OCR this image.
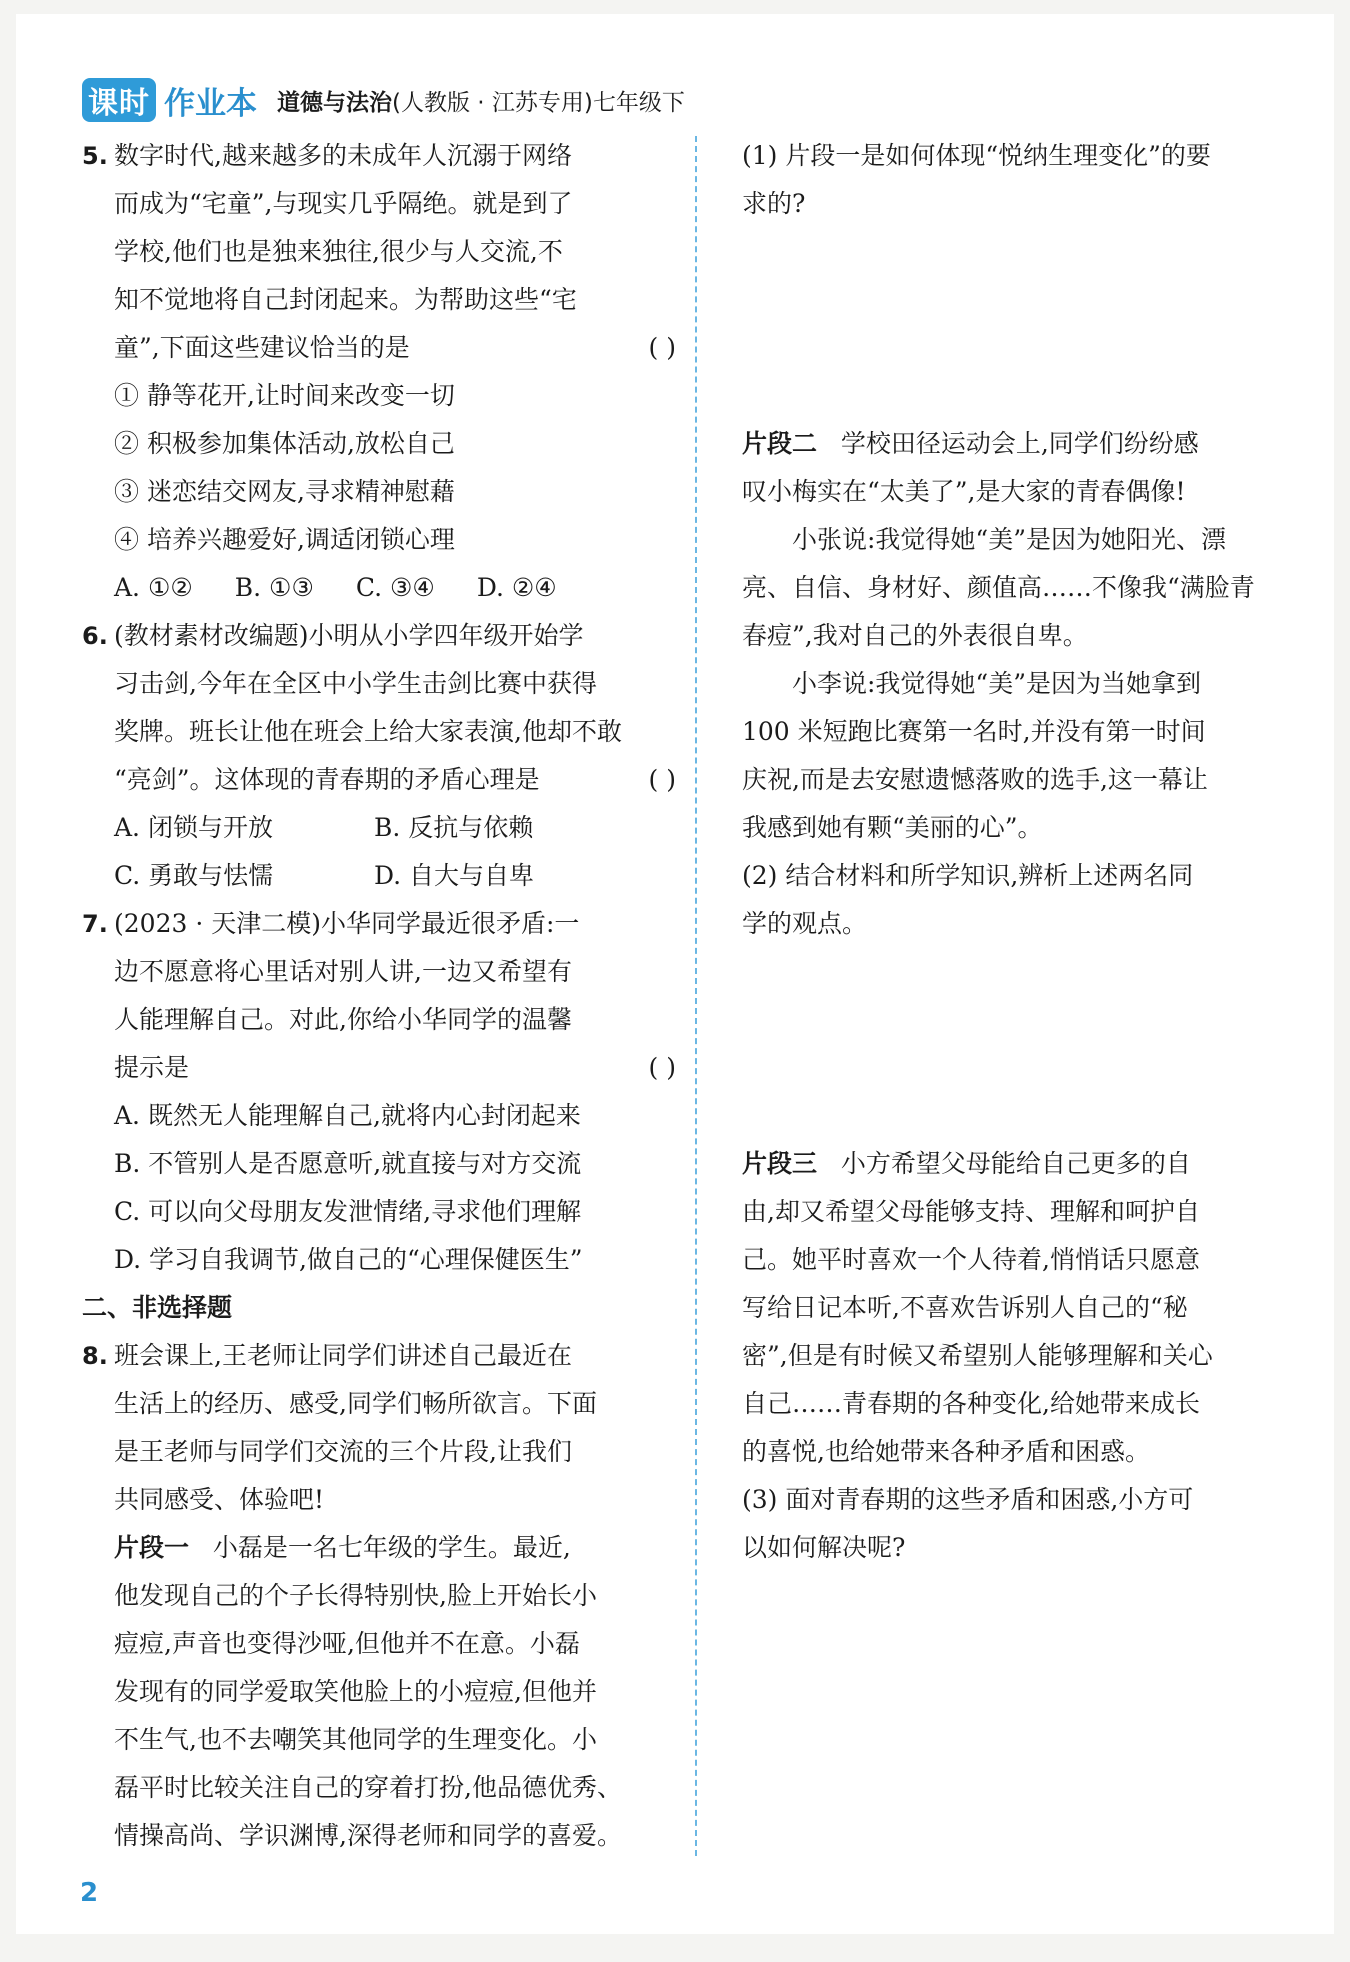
课时 作业本 道德与法治(人教版 · 江苏专用)七年级下
5. 数字时代,越来越多的未成年人沉溺于网络

而成为“宅童”,与现实几乎隔绝。就是到了

学校,他们也是独来独往,很少与人交流,不

知不觉地将自己封闭起来。为帮助这些“宅

童”,下面这些建议恰当的是	( )

① 静等花开,让时间来改变一切

② 积极参加集体活动,放松自己

③ 迷恋结交网友,寻求精神慰藉

④ 培养兴趣爱好,调适闭锁心理

A. ①② B. ①③ C. ③④ D. ②④
6. (教材素材改编题)小明从小学四年级开始学

习击剑,今年在全区中小学生击剑比赛中获得

奖牌。班长让他在班会上给大家表演,他却不敢

“亮剑”。这体现的青春期的矛盾心理是	( )

A. 闭锁与开放	B. 反抗与依赖
C. 勇敢与怯懦	D. 自大与自卑
7. (2023 · 天津二模)小华同学最近很矛盾:一

边不愿意将心里话对别人讲,一边又希望有

人能理解自己。对此,你给小华同学的温馨

提示是	( )

A. 既然无人能理解自己,就将内心封闭起来

B. 不管别人是否愿意听,就直接与对方交流

C. 可以向父母朋友发泄情绪,寻求他们理解

D. 学习自我调节,做自己的“心理保健医生”

二、非选择题

8. 班会课上,王老师让同学们讲述自己最近在

生活上的经历、感受,同学们畅所欲言。下面

是王老师与同学们交流的三个片段,让我们

共同感受、体验吧!

片段一 小磊是一名七年级的学生。最近,

他发现自己的个子长得特别快,脸上开始长小

痘痘,声音也变得沙哑,但他并不在意。小磊

发现有的同学爱取笑他脸上的小痘痘,但他并

不生气,也不去嘲笑其他同学的生理变化。小

磊平时比较关注自己的穿着打扮,他品德优秀、

情操高尚、学识渊博,深得老师和同学的喜爱。

(1) 片段一是如何体现“悦纳生理变化”的要

求的?

片段二 学校田径运动会上,同学们纷纷感

叹小梅实在“太美了”,是大家的青春偶像!

小张说:我觉得她“美”是因为她阳光、漂

亮、自信、身材好、颜值高……不像我“满脸青

春痘”,我对自己的外表很自卑。

小李说:我觉得她“美”是因为当她拿到

100 米短跑比赛第一名时,并没有第一时间

庆祝,而是去安慰遗憾落败的选手,这一幕让

我感到她有颗“美丽的心”。

(2) 结合材料和所学知识,辨析上述两名同

学的观点。

片段三 小方希望父母能给自己更多的自

由,却又希望父母能够支持、理解和呵护自

己。她平时喜欢一个人待着,悄悄话只愿意

写给日记本听,不喜欢告诉别人自己的“秘

密”,但是有时候又希望别人能够理解和关心

自己……青春期的各种变化,给她带来成长

的喜悦,也给她带来各种矛盾和困惑。

(3) 面对青春期的这些矛盾和困惑,小方可

以如何解决呢?

2
